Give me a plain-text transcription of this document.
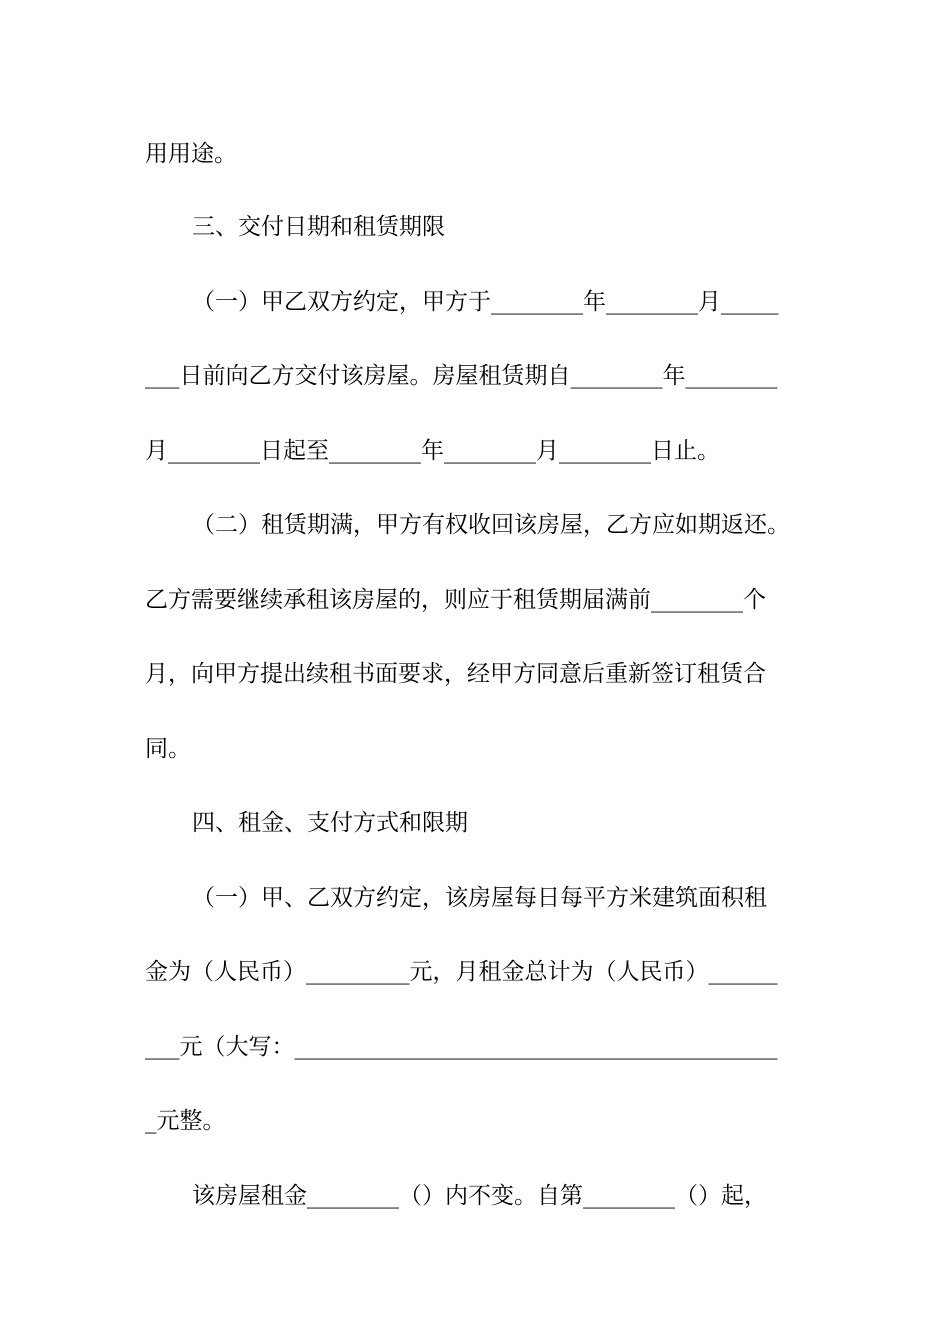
用用途。
三、交付日期和租赁期限
（一）甲乙双方约定，甲方于________年________月_____
___日前向乙方交付该房屋。房屋租赁期自________年________
月________日起至________年________月________日止。
（二）租赁期满，甲方有权收回该房屋，乙方应如期返还。
乙方需要继续承租该房屋的，则应于租赁期届满前________个
月，向甲方提出续租书面要求，经甲方同意后重新签订租赁合
同。
四、租金、支付方式和限期
（一）甲、乙双方约定，该房屋每日每平方米建筑面积租
金为（人民币）_________元，月租金总计为（人民币）______
___元（大写：__________________________________________
_元整。
该房屋租金________（）内不变。自第________（）起，
